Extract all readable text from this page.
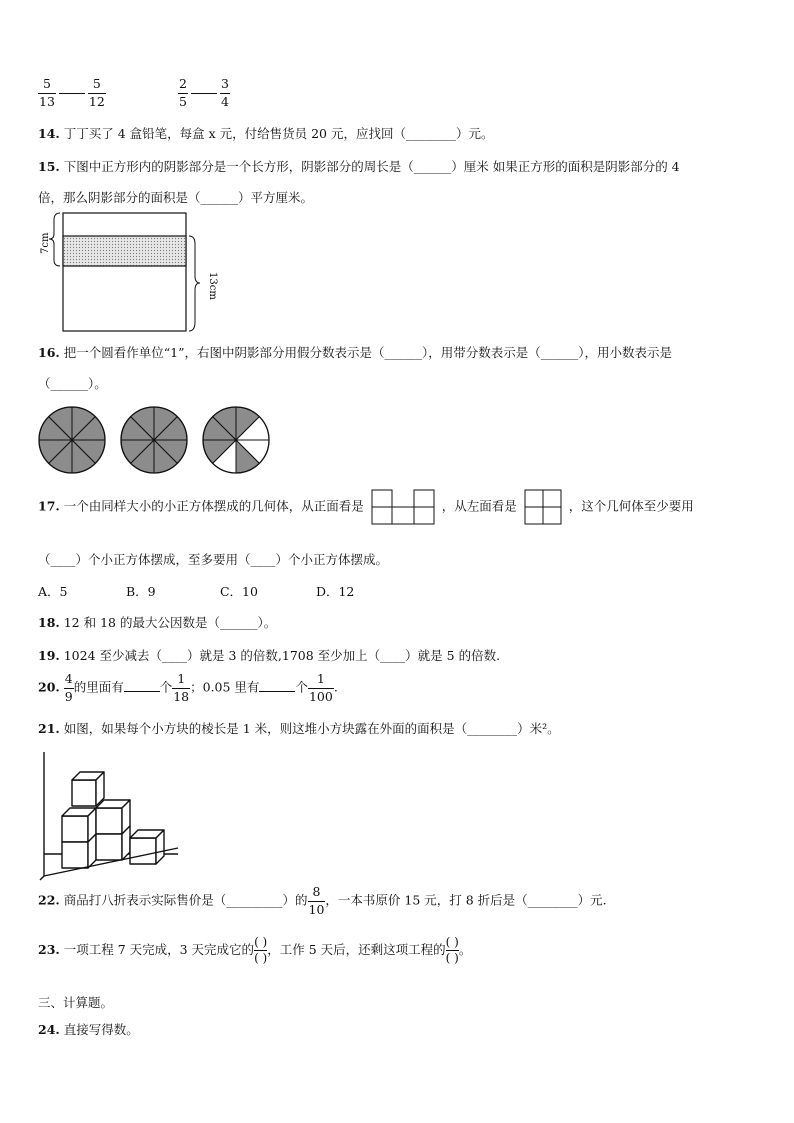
$\frac{5}{13}$	$\frac{5}{12}$	$\frac{2}{5}$	$\frac{3}{4}$
14. 丁丁买了 4 盒铅笔，每盒 x 元，付给售货员 20 元，应找回（________）元。
15. 下图中正方形内的阴影部分是一个长方形，阴影部分的周长是（______）厘米 如果正方形的面积是阴影部分的 4
倍，那么阴影部分的面积是（______）平方厘米。
7cm
13cm
16. 把一个圆看作单位“1”，右图中阴影部分用假分数表示是（______），用带分数表示是（______），用小数表示是
（______）。
17. 一个由同样大小的小正方体摆成的几何体，从正面看是	，从左面看是	，这个几何体至少要用
（____）个小正方体摆成，至多要用（____）个小正方体摆成。
A．5	B．9	C．10	D．12
18. 12 和 18 的最大公因数是（______）。
19. 1024 至少减去（____）就是 3 的倍数,1708 至少加上（____）就是 5 的倍数.
20. $\frac{4}{9}$ 的里面有	个 $\frac{1}{18}$ ；0.05 里有	个 $\frac{1}{100}$ .
21. 如图，如果每个小方块的棱长是 1 米，则这堆小方块露在外面的面积是（________）米²。
22. 商品打八折表示实际售价是（_________）的 $\frac{8}{10}$ ，一本书原价 15 元，打 8 折后是（________）元.
23. 一项工程 7 天完成，3 天完成它的
( )
( )
，工作 5 天后，还剩这项工程的
( )
( )
。
三、计算题。
24. 直接写得数。
